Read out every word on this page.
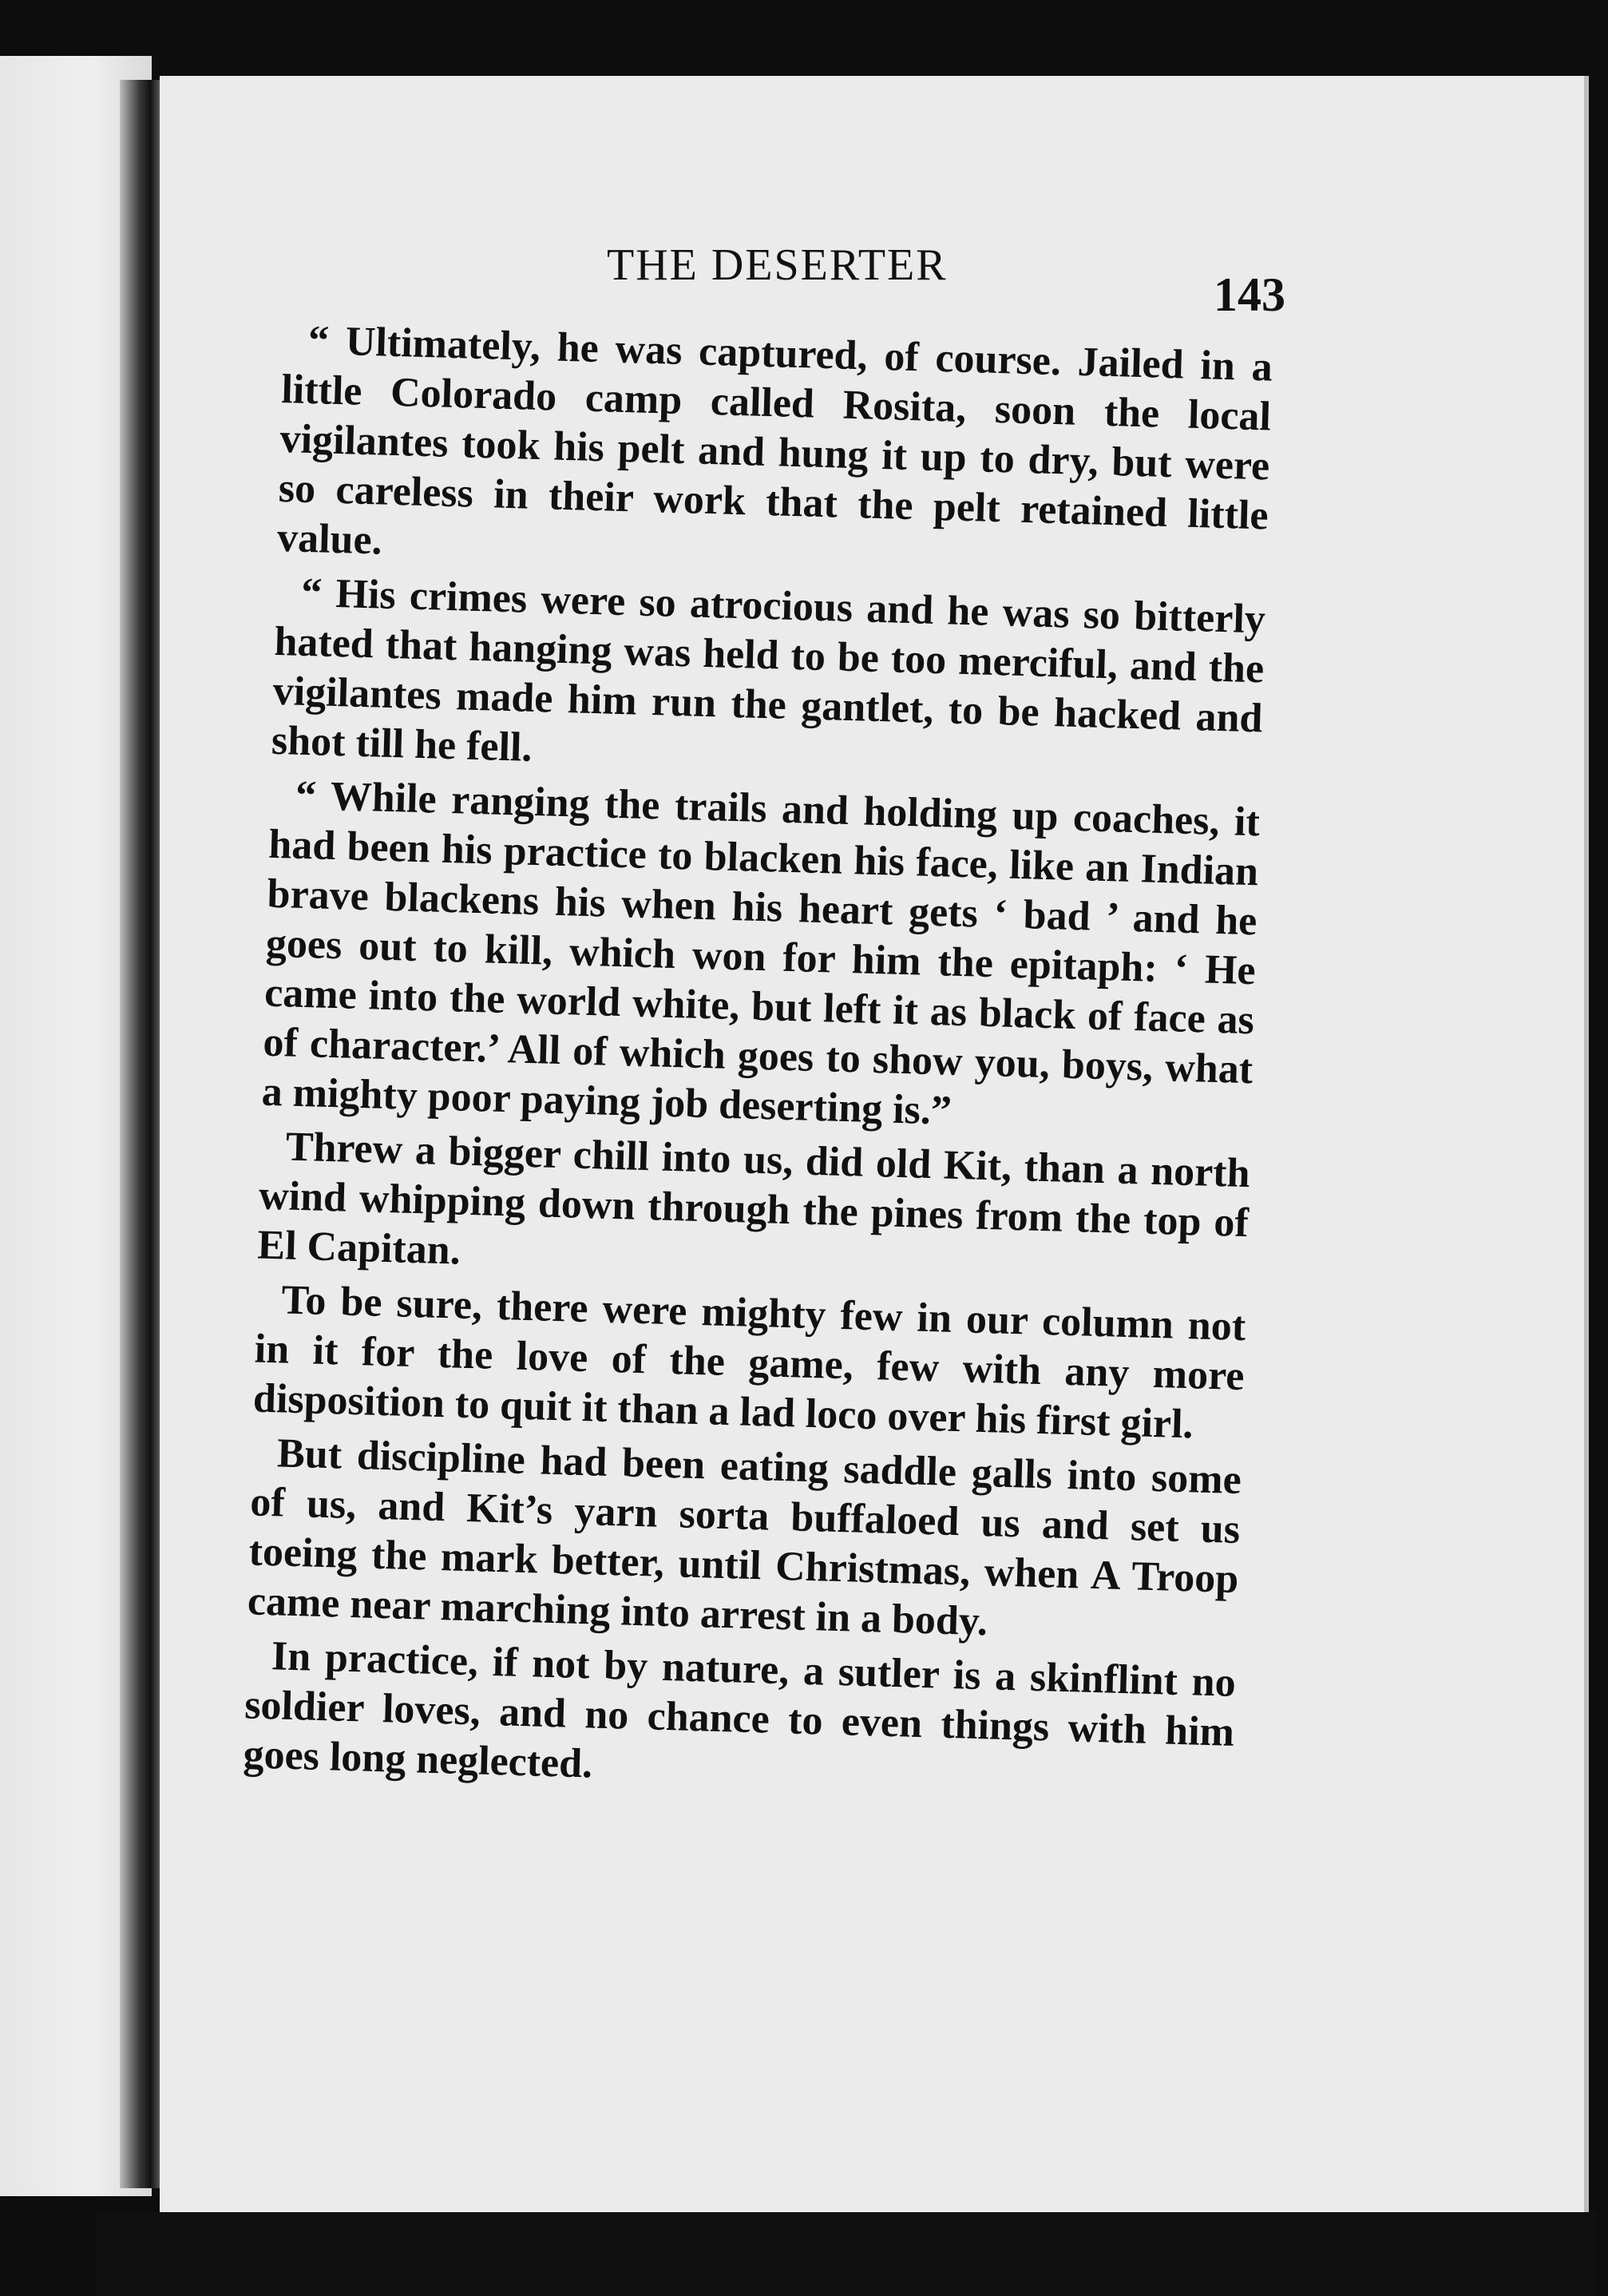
THE DESERTER
143

“ Ultimately, he was captured, of course. Jailed in a little Colorado camp called Rosita, soon the local vigilantes took his pelt and hung it up to dry, but were so careless in their work that the pelt retained little value.

“ His crimes were so atrocious and he was so bitterly hated that hanging was held to be too merciful, and the vigilantes made him run the gantlet, to be hacked and shot till he fell.

“ While ranging the trails and holding up coaches, it had been his practice to blacken his face, like an Indian brave blackens his when his heart gets ‘ bad ’ and he goes out to kill, which won for him the epitaph: ‘ He came into the world white, but left it as black of face as of character.’ All of which goes to show you, boys, what a mighty poor paying job deserting is.”

Threw a bigger chill into us, did old Kit, than a north wind whipping down through the pines from the top of El Capitan.

To be sure, there were mighty few in our column not in it for the love of the game, few with any more disposition to quit it than a lad loco over his first girl.

But discipline had been eating saddle galls into some of us, and Kit’s yarn sorta buffaloed us and set us toeing the mark better, until Christmas, when A Troop came near marching into arrest in a body.

In practice, if not by nature, a sutler is a skinflint no soldier loves, and no chance to even things with him goes long neglected.
